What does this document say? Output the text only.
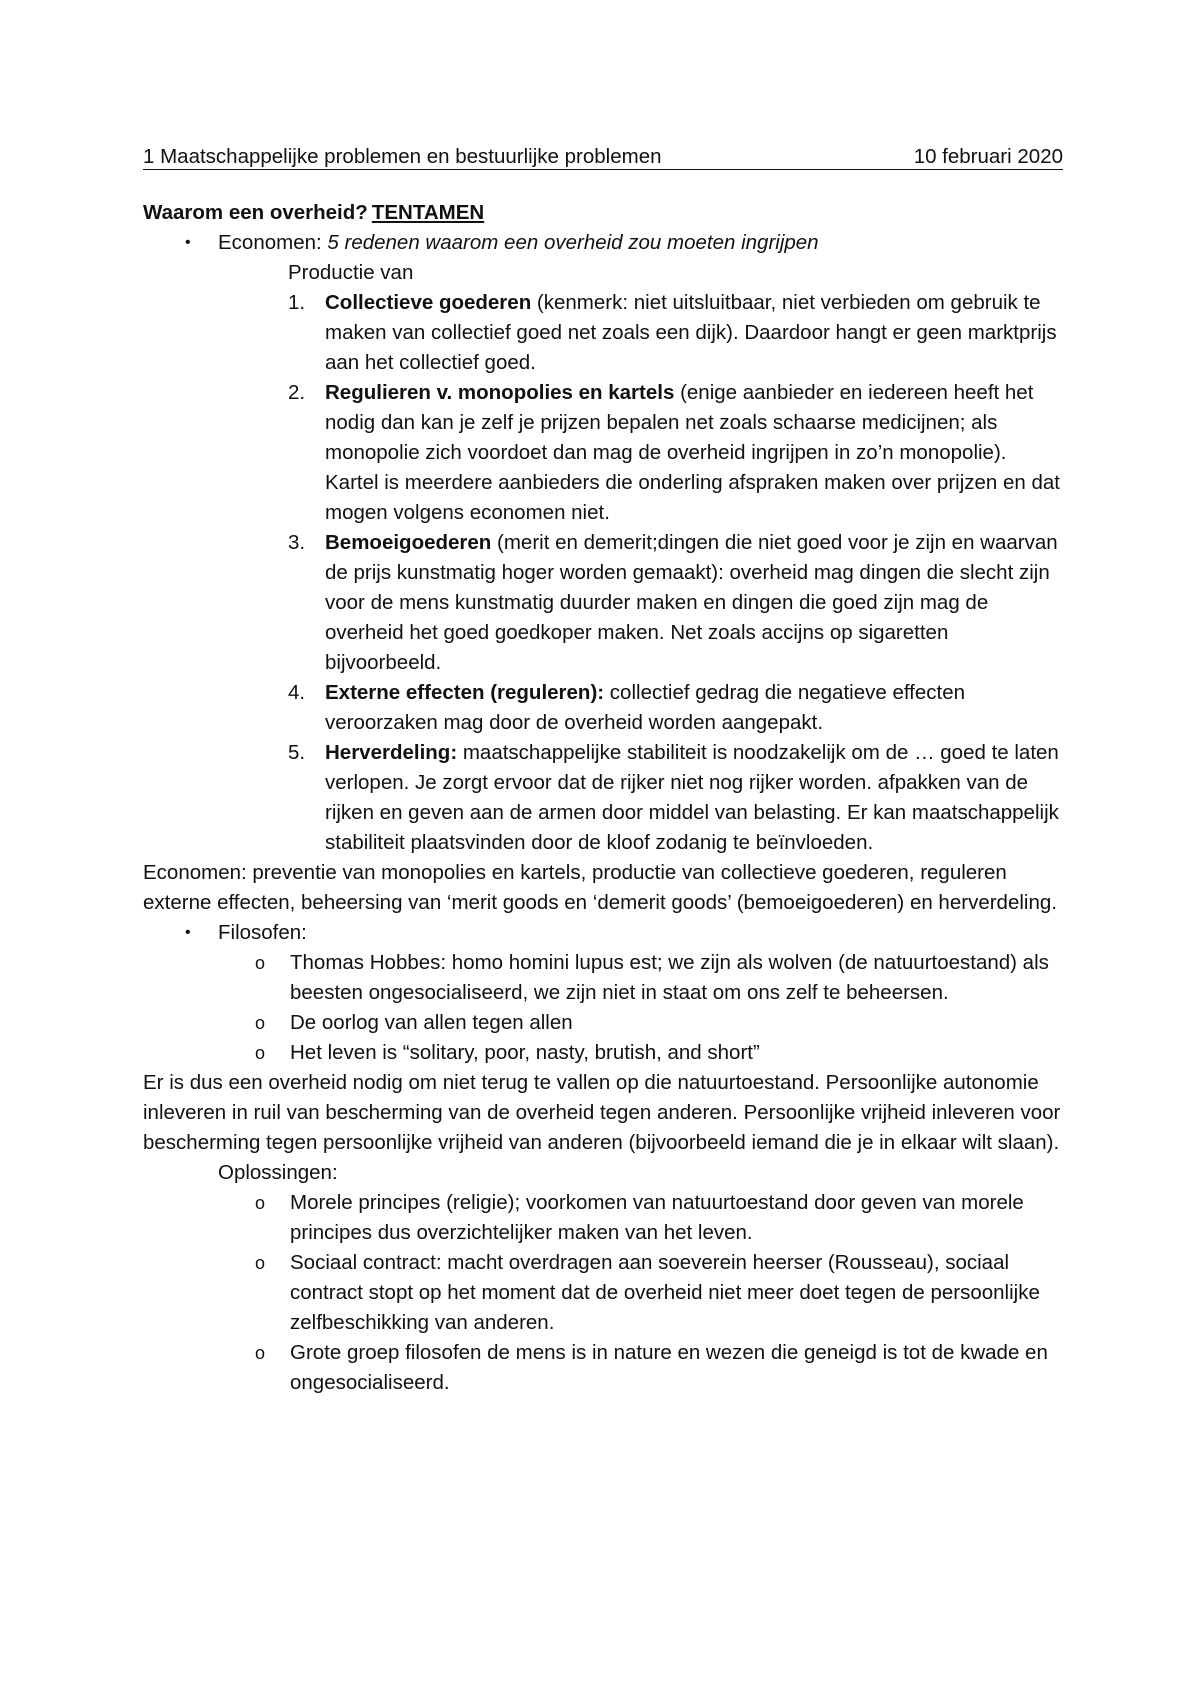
1 Maatschappelijke problemen en bestuurlijke problemen	10 februari 2020
Waarom een overheid? TENTAMEN
• Economen: 5 redenen waarom een overheid zou moeten ingrijpen
Productie van
1. Collectieve goederen (kenmerk: niet uitsluitbaar, niet verbieden om gebruik te maken van collectief goed net zoals een dijk). Daardoor hangt er geen marktprijs aan het collectief goed.
2. Regulieren v. monopolies en kartels (enige aanbieder en iedereen heeft het nodig dan kan je zelf je prijzen bepalen net zoals schaarse medicijnen; als monopolie zich voordoet dan mag de overheid ingrijpen in zo’n monopolie). Kartel is meerdere aanbieders die onderling afspraken maken over prijzen en dat mogen volgens economen niet.
3. Bemoeigoederen (merit en demerit;dingen die niet goed voor je zijn en waarvan de prijs kunstmatig hoger worden gemaakt): overheid mag dingen die slecht zijn voor de mens kunstmatig duurder maken en dingen die goed zijn mag de overheid het goed goedkoper maken. Net zoals accijns op sigaretten bijvoorbeeld.
4. Externe effecten (reguleren): collectief gedrag die negatieve effecten veroorzaken mag door de overheid worden aangepakt.
5. Herverdeling: maatschappelijke stabiliteit is noodzakelijk om de … goed te laten verlopen. Je zorgt ervoor dat de rijker niet nog rijker worden. afpakken van de rijken en geven aan de armen door middel van belasting. Er kan maatschappelijk stabiliteit plaatsvinden door de kloof zodanig te beïnvloeden.
Economen: preventie van monopolies en kartels, productie van collectieve goederen, reguleren externe effecten, beheersing van ‘merit goods en ‘demerit goods’ (bemoeigoederen) en herverdeling.
• Filosofen:
o Thomas Hobbes: homo homini lupus est; we zijn als wolven (de natuurtoestand) als beesten ongesocialiseerd, we zijn niet in staat om ons zelf te beheersen.
o De oorlog van allen tegen allen
o Het leven is “solitary, poor, nasty, brutish, and short”
Er is dus een overheid nodig om niet terug te vallen op die natuurtoestand. Persoonlijke autonomie inleveren in ruil van bescherming van de overheid tegen anderen. Persoonlijke vrijheid inleveren voor bescherming tegen persoonlijke vrijheid van anderen (bijvoorbeeld iemand die je in elkaar wilt slaan).
Oplossingen:
o Morele principes (religie); voorkomen van natuurtoestand door geven van morele principes dus overzichtelijker maken van het leven.
o Sociaal contract: macht overdragen aan soeverein heerser (Rousseau), sociaal contract stopt op het moment dat de overheid niet meer doet tegen de persoonlijke zelfbeschikking van anderen.
o Grote groep filosofen de mens is in nature en wezen die geneigd is tot de kwade en ongesocialiseerd.
